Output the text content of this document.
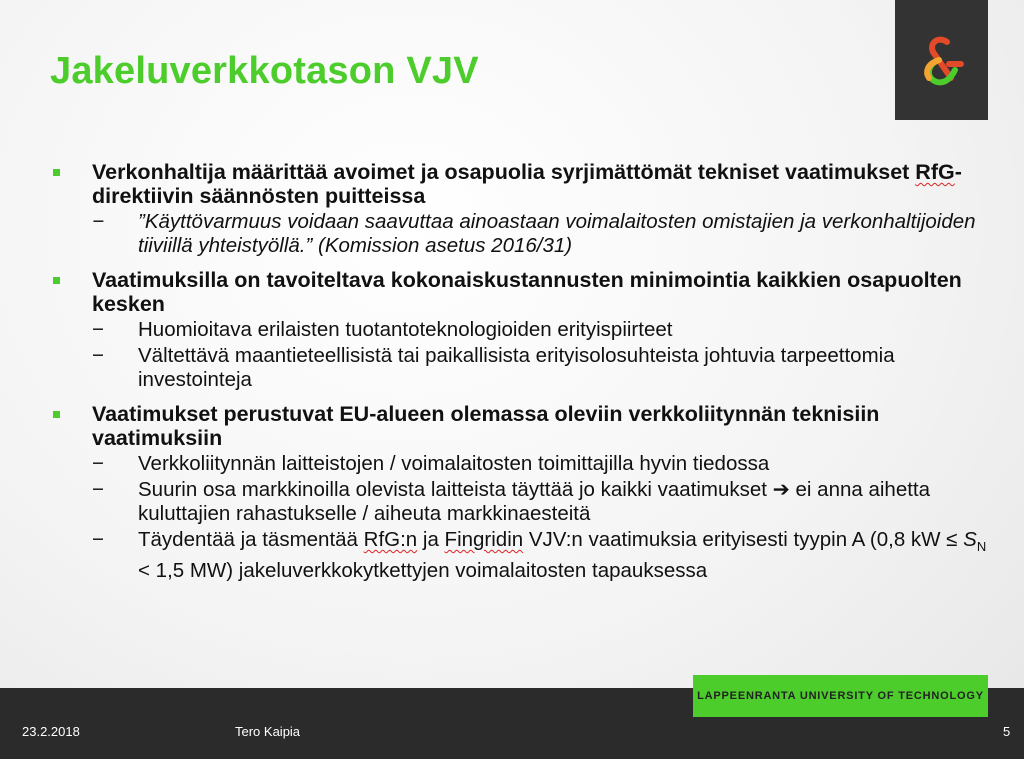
Jakeluverkkotason VJV
Verkonhaltija määrittää avoimet ja osapuolia syrjimättömät tekniset vaatimukset RfG-direktiivin säännösten puitteissa
− ”Käyttövarmuus voidaan saavuttaa ainoastaan voimalaitosten omistajien ja verkonhaltijoiden tiiviillä yhteistyöllä.” (Komission asetus 2016/31)
Vaatimuksilla on tavoiteltava kokonaiskustannusten minimointia kaikkien osapuolten kesken
− Huomioitava erilaisten tuotantoteknologioiden erityispiirteet
− Vältettävä maantieteellisistä tai paikallisista erityisolosuhteista johtuvia tarpeettomia investointeja
Vaatimukset perustuvat EU-alueen olemassa oleviin verkkoliitynnän teknisiin vaatimuksiin
− Verkkoliitynnän laitteistojen / voimalaitosten toimittajilla hyvin tiedossa
− Suurin osa markkinoilla olevista laitteista täyttää jo kaikki vaatimukset ➔ ei anna aihetta kuluttajien rahastukselle / aiheuta markkinaesteitä
− Täydentää ja täsmentää RfG:n ja Fingridin VJV:n vaatimuksia erityisesti tyypin A (0,8 kW ≤ $S_N < 1,5$ MW) jakeluverkkokytkettyjen voimalaitosten tapauksessa
LAPPEENRANTA UNIVERSITY OF TECHNOLOGY
23.2.2018	Tero Kaipia	5
